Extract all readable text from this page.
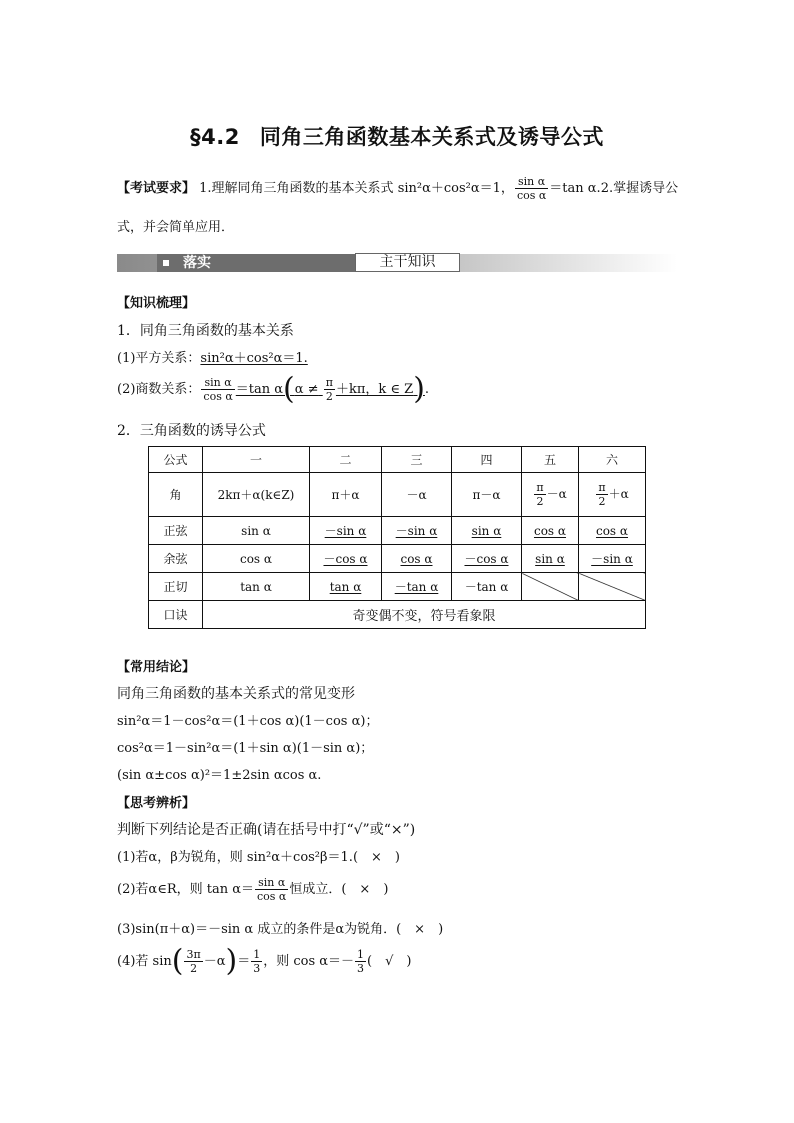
§4.2 同角三角函数基本关系式及诱导公式
【考试要求】 1.理解同角三角函数的基本关系式 sin²α＋cos²α＝1， $\frac{\text{sin α}}{\text{cos α}} =\tan$ α.2.掌握诱导公
式，并会简单应用．
落实	主干知识
【知识梳理】
1．同角三角函数的基本关系
(1)平方关系：sin²α＋cos²α＝1.
(2)商数关系： $\frac{\text{sin α}}{\text{cos α}} =\tan$ $\alpha(\alpha \ne \frac{\pi}{2} +k\pi$，k ∈ Z).
2．三角函数的诱导公式
公式	一	二	三	四	五	六
角	2kπ＋α(k∈Z)	π＋α	－α	π－α	$\frac{\pi}{2} -\alpha$	$\frac{\pi}{2} +\alpha$
正弦	sin α	－sin α	－sin α	sin α	cos α	cos α
余弦	cos α	－cos α	cos α	－cos α	sin α	－sin α
正切	tan α	tan α	－tan α	－tan α		
口诀	奇变偶不变，符号看象限					
【常用结论】
同角三角函数的基本关系式的常见变形
sin²α＝1－cos²α＝(1＋cos α)(1－cos α)；
cos²α＝1－sin²α＝(1＋sin α)(1－sin α)；
(sin α±cos α)²＝1±2sin αcos α.
【思考辨析】
判断下列结论是否正确(请在括号中打“√”或“×”)
(1)若α，β为锐角，则 sin²α＋cos²β＝1.(　×　)
(2)若α∈R，则 $\tan \alpha= \frac{\text{sin α}}{\text{cos α}}$ 恒成立．(　×　)
(3)sin(π＋α)＝－sin α 成立的条件是α为锐角．(　×　)
(4)若 $\sin( \frac{3\pi}{2} -\alpha)= \frac{1}{3}$ ，则 $\cos \alpha=- \frac{1}{3}$ (　√　)
